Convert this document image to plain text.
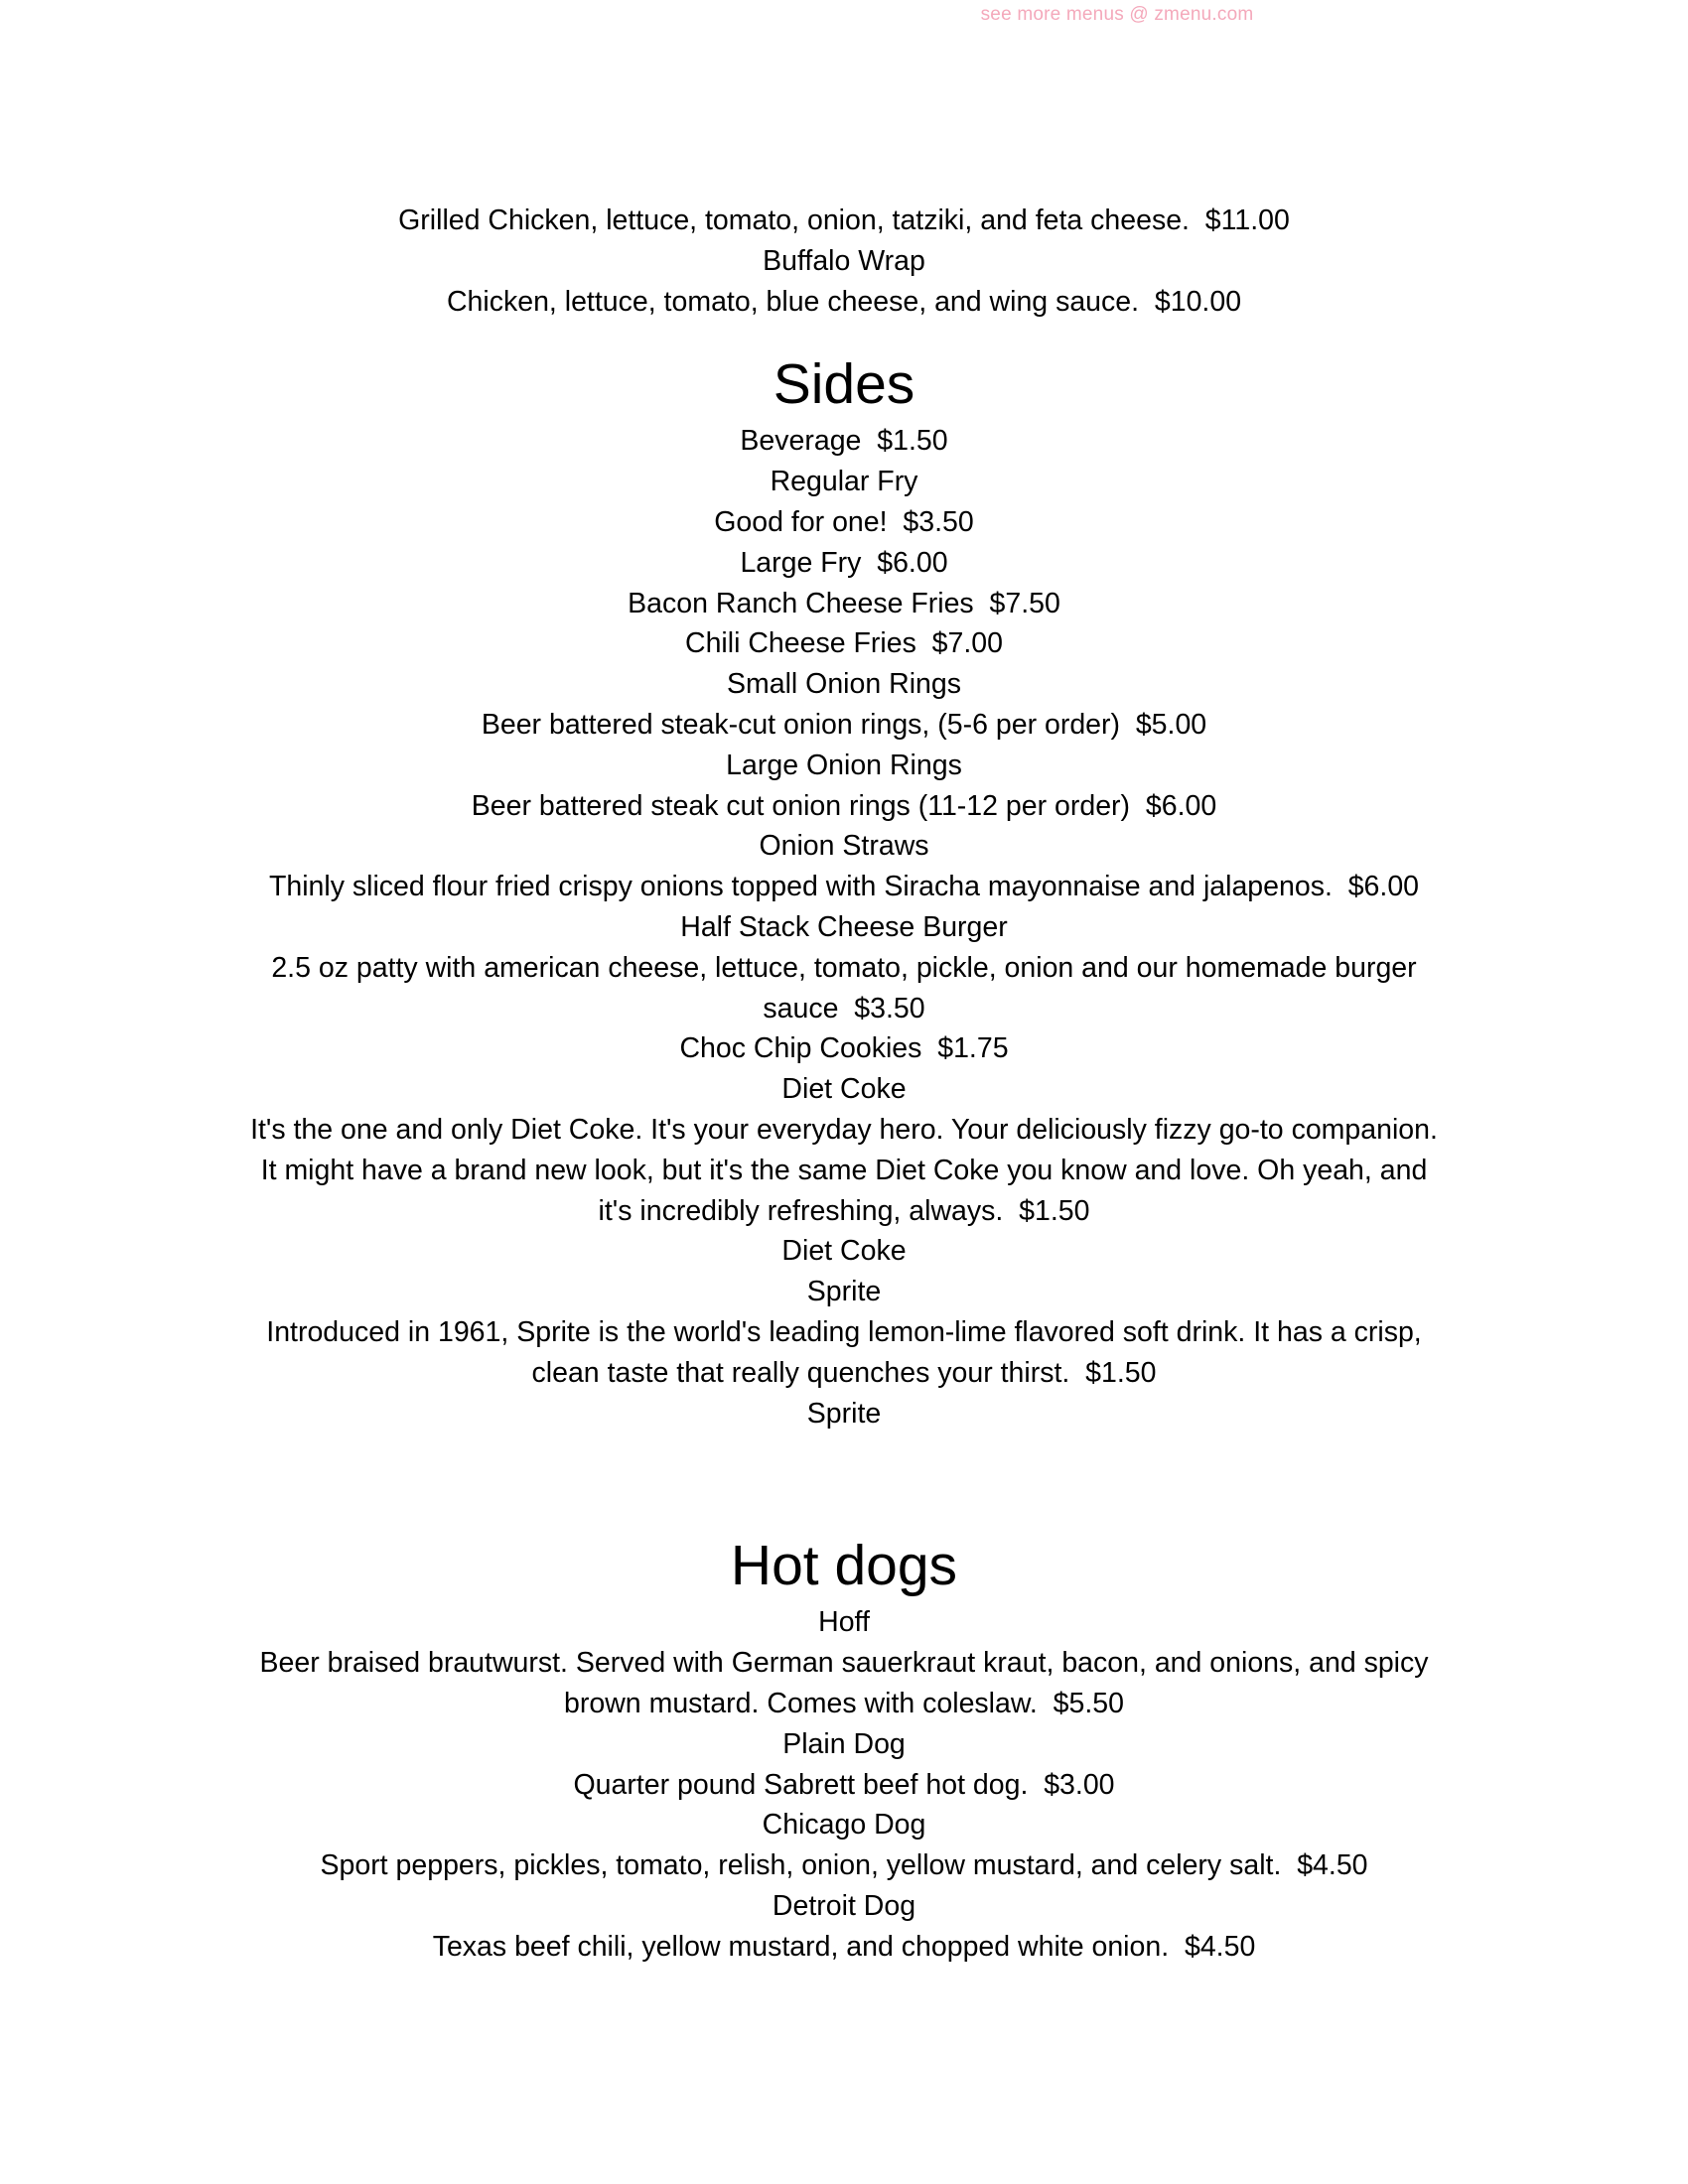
see more menus @ zmenu.com
Grilled Chicken, lettuce, tomato, onion, tatziki, and feta cheese.  $11.00
Buffalo Wrap
Chicken, lettuce, tomato, blue cheese, and wing sauce.  $10.00
Sides
Beverage  $1.50
Regular Fry
Good for one!  $3.50
Large Fry  $6.00
Bacon Ranch Cheese Fries  $7.50
Chili Cheese Fries  $7.00
Small Onion Rings
Beer battered steak-cut onion rings, (5-6 per order)  $5.00
Large Onion Rings
Beer battered steak cut onion rings (11-12 per order)  $6.00
Onion Straws
Thinly sliced flour fried crispy onions topped with Siracha mayonnaise and jalapenos.  $6.00
Half Stack Cheese Burger
2.5 oz patty with american cheese, lettuce, tomato, pickle, onion and our homemade burger
sauce  $3.50
Choc Chip Cookies  $1.75
Diet Coke
It's the one and only Diet Coke. It's your everyday hero. Your deliciously fizzy go-to companion.
It might have a brand new look, but it's the same Diet Coke you know and love. Oh yeah, and
it's incredibly refreshing, always.  $1.50
Diet Coke
Sprite
Introduced in 1961, Sprite is the world's leading lemon-lime flavored soft drink. It has a crisp,
clean taste that really quenches your thirst.  $1.50
Sprite
Hot dogs
Hoff
Beer braised brautwurst. Served with German sauerkraut kraut, bacon, and onions, and spicy
brown mustard. Comes with coleslaw.  $5.50
Plain Dog
Quarter pound Sabrett beef hot dog.  $3.00
Chicago Dog
Sport peppers, pickles, tomato, relish, onion, yellow mustard, and celery salt.  $4.50
Detroit Dog
Texas beef chili, yellow mustard, and chopped white onion.  $4.50
